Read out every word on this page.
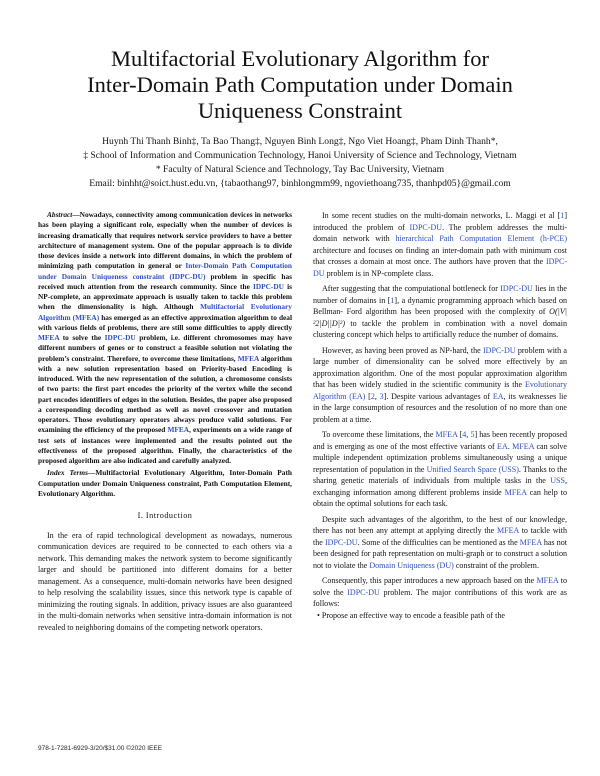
Multifactorial Evolutionary Algorithm for
Inter-Domain Path Computation under Domain
Uniqueness Constraint
Huynh Thi Thanh Binh‡, Ta Bao Thang‡, Nguyen Binh Long‡, Ngo Viet Hoang‡, Pham Dinh Thanh*,
‡ School of Information and Communication Technology, Hanoi University of Science and Technology, Vietnam
* Faculty of Natural Science and Technology, Tay Bac University, Vietnam
Email: binhht@soict.hust.edu.vn, {tabaothang97, binhlongmm99, ngoviethoang735, thanhpd05}@gmail.com

Abstract—Nowadays, connectivity among communication devices in networks has been playing a significant role, especially when the number of devices is increasing dramatically that requires network service providers to have a better architecture of management system. One of the popular approach is to divide those devices inside a network into different domains, in which the problem of minimizing path computation in general or Inter-Domain Path Computation under Domain Uniqueness constraint (IDPC-DU) problem in specific has received much attention from the research community. Since the IDPC-DU is NP-complete, an approximate approach is usually taken to tackle this problem when the dimensionality is high. Although Multifactorial Evolutionary Algorithm (MFEA) has emerged as an effective approximation algorithm to deal with various fields of problems, there are still some difficulties to apply directly MFEA to solve the IDPC-DU problem, i.e. different chromosomes may have different numbers of genes or to construct a feasible solution not violating the problem’s constraint. Therefore, to overcome these limitations, MFEA algorithm with a new solution representation based on Priority-based Encoding is introduced. With the new representation of the solution, a chromosome consists of two parts: the first part encodes the priority of the vertex while the second part encodes identifiers of edges in the solution. Besides, the paper also proposed a corresponding decoding method as well as novel crossover and mutation operators. Those evolutionary operators always produce valid solutions. For examining the efficiency of the proposed MFEA, experiments on a wide range of test sets of instances were implemented and the results pointed out the effectiveness of the proposed algorithm. Finally, the characteristics of the proposed algorithm are also indicated and carefully analyzed.

Index Terms—Multifactorial Evolutionary Algorithm, Inter-Domain Path Computation under Domain Uniqueness constraint, Path Computation Element, Evolutionary Algorithm.

I. Introduction

In the era of rapid technological development as nowadays, numerous communication devices are required to be connected to each others via a network. This demanding makes the network system to become significantly larger and should be partitioned into different domains for a better management. As a consequence, multi-domain networks have been designed to help resolving the scalability issues, since this network type is capable of minimizing the routing signals. In addition, privacy issues are also guaranteed in the multi-domain networks when sensitive intra-domain information is not revealed to neighboring domains of the competing network operators.

In some recent studies on the multi-domain networks, L. Maggi et al [1] introduced the problem of IDPC-DU. The problem addresses the multi-domain network with hierarchical Path Computation Element (h-PCE) architecture and focuses on finding an inter-domain path with minimum cost that crosses a domain at most once. The authors have proven that the IDPC-DU problem is in NP-complete class.

After suggesting that the computational bottleneck for IDPC-DU lies in the number of domains in [1], a dynamic programming approach which based on Bellman- Ford algorithm has been proposed with the complexity of O(|V|²2|D||D|²) to tackle the problem in combination with a novel domain clustering concept which helps to artificially reduce the number of domains.

However, as having been proved as NP-hard, the IDPC-DU problem with a large number of dimensionality can be solved more effectively by an approximation algorithm. One of the most popular approximation algorithm that has been widely studied in the scientific community is the Evolutionary Algorithm (EA) [2, 3]. Despite various advantages of EA, its weaknesses lie in the large consumption of resources and the resolution of no more than one problem at a time.

To overcome these limitations, the MFEA [4, 5] has been recently proposed and is emerging as one of the most effective variants of EA. MFEA can solve multiple independent optimization problems simultaneously using a unique representation of population in the Unified Search Space (USS). Thanks to the sharing genetic materials of individuals from multiple tasks in the USS, exchanging information among different problems inside MFEA can help to obtain the optimal solutions for each task.

Despite such advantages of the algorithm, to the best of our knowledge, there has not been any attempt at applying directly the MFEA to tackle with the IDPC-DU. Some of the difficulties can be mentioned as the MFEA has not been designed for path representation on multi-graph or to construct a solution not to violate the Domain Uniqueness (DU) constraint of the problem.

Consequently, this paper introduces a new approach based on the MFEA to solve the IDPC-DU problem. The major contributions of this work are as follows:

• Propose an effective way to encode a feasible path of the

978-1-7281-6929-3/20/$31.00 ©2020 IEEE
